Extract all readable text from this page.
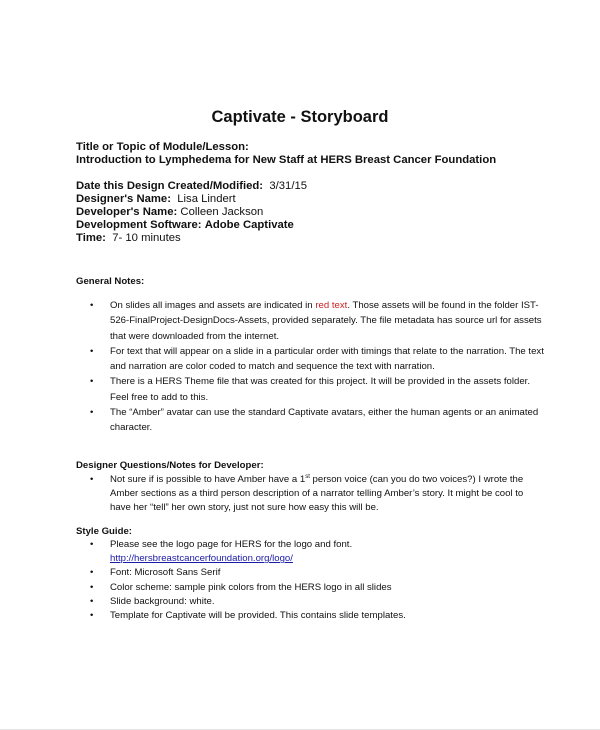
Captivate - Storyboard
Title or Topic of Module/Lesson:
Introduction to Lymphedema for New Staff at HERS Breast Cancer Foundation
Date this Design Created/Modified: 3/31/15
Designer's Name: Lisa Lindert
Developer's Name: Colleen Jackson
Development Software: Adobe Captivate
Time: 7- 10 minutes
General Notes:
• On slides all images and assets are indicated in red text. Those assets will be found in the folder IST-526-FinalProject-DesignDocs-Assets, provided separately. The file metadata has source url for assets that were downloaded from the internet.
• For text that will appear on a slide in a particular order with timings that relate to the narration. The text and narration are color coded to match and sequence the text with narration.
• There is a HERS Theme file that was created for this project. It will be provided in the assets folder. Feel free to add to this.
• The “Amber” avatar can use the standard Captivate avatars, either the human agents or an animated character.
Designer Questions/Notes for Developer:
• Not sure if is possible to have Amber have a 1st person voice (can you do two voices?) I wrote the Amber sections as a third person description of a narrator telling Amber’s story. It might be cool to have her “tell” her own story, just not sure how easy this will be.
Style Guide:
• Please see the logo page for HERS for the logo and font.
http://hersbreastcancerfoundation.org/logo/
• Font: Microsoft Sans Serif
• Color scheme: sample pink colors from the HERS logo in all slides
• Slide background: white.
• Template for Captivate will be provided. This contains slide templates.
